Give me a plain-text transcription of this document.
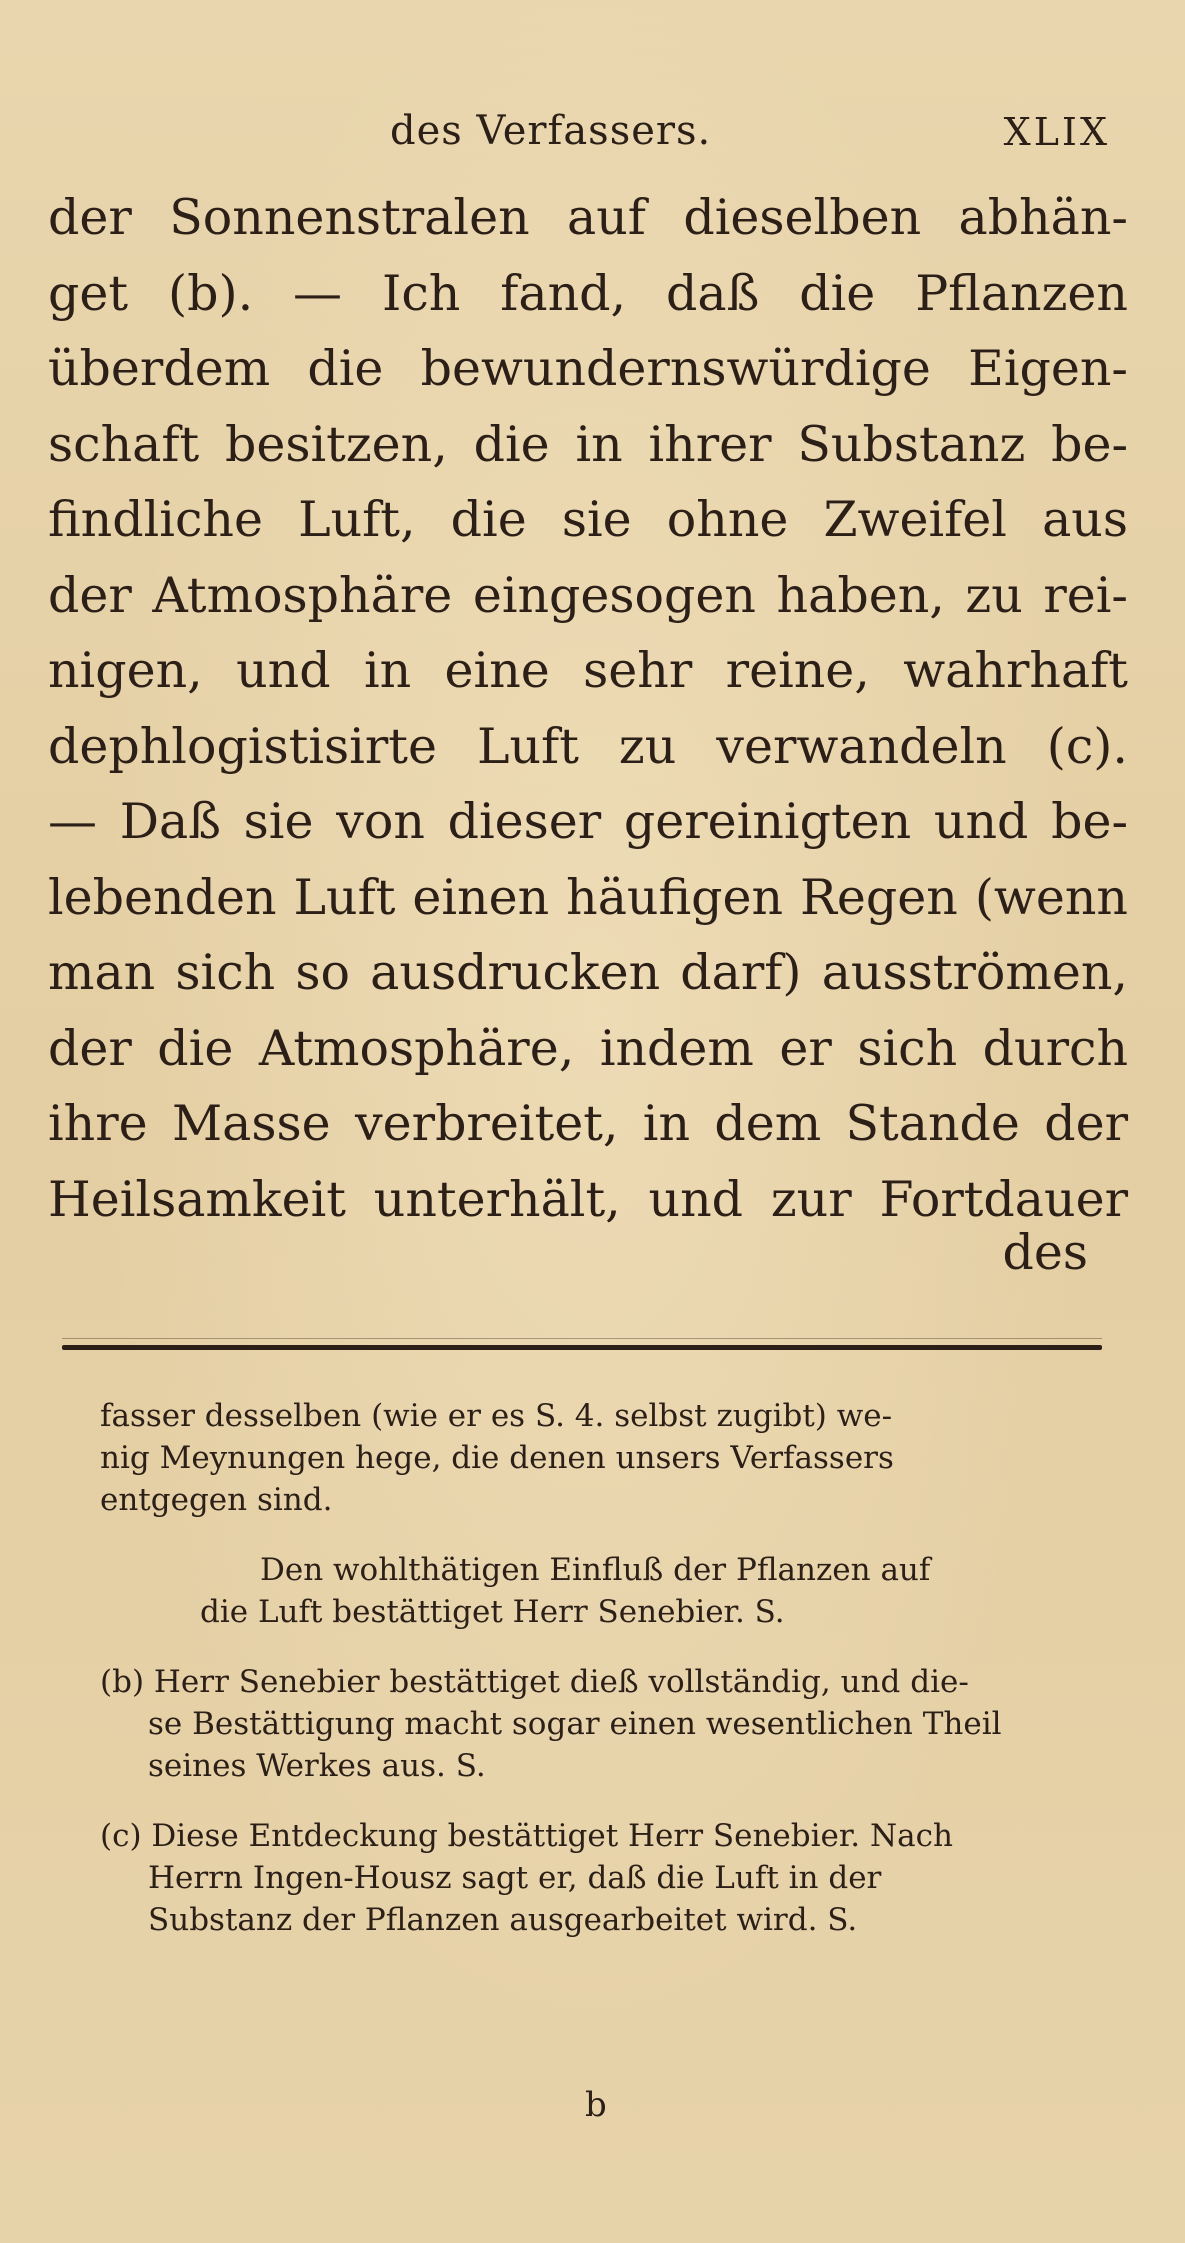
des Verfassers.	XLIX
der Sonnenstralen auf dieselben abhän-
get (b). — Ich fand, daß die Pflanzen
überdem die bewundernswürdige Eigen-
schaft besitzen, die in ihrer Substanz be-
findliche Luft, die sie ohne Zweifel aus
der Atmosphäre eingesogen haben, zu rei-
nigen, und in eine sehr reine, wahrhaft
dephlogistisirte Luft zu verwandeln (c).
— Daß sie von dieser gereinigten und be-
lebenden Luft einen häufigen Regen (wenn
man sich so ausdrucken darf) ausströmen,
der die Atmosphäre, indem er sich durch
ihre Masse verbreitet, in dem Stande der
Heilsamkeit unterhält, und zur Fortdauer
des
fasser desselben (wie er es S. 4. selbst zugibt) we-
nig Meynungen hege, die denen unsers Verfassers
entgegen sind.
Den wohlthätigen Einfluß der Pflanzen auf
die Luft bestättiget Herr Senebier. S.
(b) Herr Senebier bestättiget dieß vollständig, und die-
se Bestättigung macht sogar einen wesentlichen Theil
seines Werkes aus. S.
(c) Diese Entdeckung bestättiget Herr Senebier. Nach
Herrn Ingen-Housz sagt er, daß die Luft in der
Substanz der Pflanzen ausgearbeitet wird. S.
b
